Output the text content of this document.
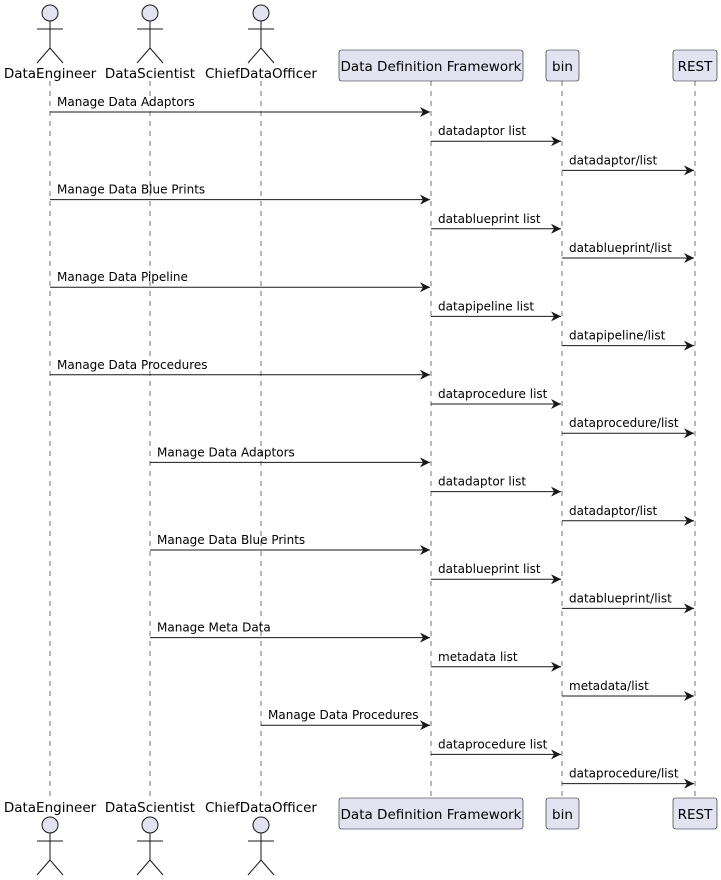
DataEngineer DataScientist ChiefDataOfficer Data Definition Framework bin	REST
DataEngineer DataScientist ChiefDataOfficer Data Definition Framework bin	REST
Manage Data Adaptors
datadaptor list
datadaptor/list
Manage Data Blue Prints
datablueprint list
datablueprint/list
Manage Data Pipeline
datapipeline list
datapipeline/list
Manage Data Procedures
dataprocedure list
dataprocedure/list
Manage Data Adaptors
datadaptor list
datadaptor/list
Manage Data Blue Prints
datablueprint list
datablueprint/list
Manage Meta Data
metadata list
metadata/list
Manage Data Procedures
dataprocedure list
dataprocedure/list
